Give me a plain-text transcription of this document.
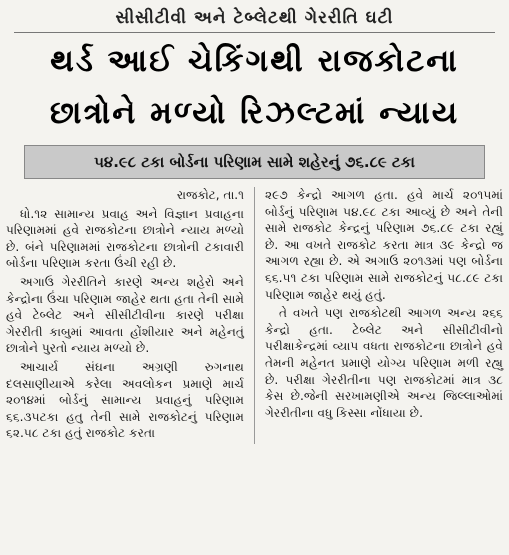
સીસીટીવી અને ટેબ્લેટથી ગેરરીતિ ઘટી
થર્ડ આઈ ચેકિંગથી રાજકોટના
છાત્રોને મળ્યો રિઝલ્ટમાં ન્યાય
૫૪.૯૮ ટકા બોર્ડના પરિણામ સામે શહેરનું ૭૬.૮૯ ટકા
રાજકોટ, તા.૧

ધો.૧૨ સામાન્ય પ્રવાહ અને વિજ્ઞાન પ્રવાહના પરિણામમાં હવે રાજકોટના છાત્રોને ન્યાય મળ્યો છે. બંને પરિણામમાં રાજકોટના છાત્રોની ટકાવારી બોર્ડના પરિણામ કરતા ઉંચી રહી છે.

અગાઉ ગેરરીતિને કારણે અન્ય શહેરો અને કેન્દ્રોના ઉંચા પરિણામ જાહેર થતા હતા તેની સામે હવે ટેબ્લેટ અને સીસીટીવીના કારણે પરીક્ષા ગેરરીતી કાબુમાં આવતા હોંશીયાર અને મહેનતું છાત્રોને પુરતો ન્યાય મળ્યો છે.

આચાર્ય સંઘના અગ્રણી રુગનાથ દલસાણીયાએ કરેલા અવલોકન પ્રમાણે માર્ચ ૨૦૧૪માં બોર્ડનું સામાન્ય પ્રવાહનું પરિણામ ૬૬.૩૫ટકા હતુ તેની સામે રાજકોટનું પરિણામ ૬૨.૫૮ ટકા હતું રાજકોટ કરતા

૨૯૭ કેન્દ્રો આગળ હતા. હવે માર્ચ ૨૦૧૫માં બોર્ડનું પરિણામ ૫૪.૯૮ ટકા આવ્યું છે અને તેની સામે રાજકોટ કેન્દ્રનું પરિણામ ૭૬.૮૯ ટકા રહ્યું છે. આ વખતે રાજકોટ કરતા માત્ર ૩૯ કેન્દ્રો જ આગળ રહ્યા છે. એ અગાઉ ૨૦૧૩માં પણ બોર્ડના ૬૬.૫૧ ટકા પરિણામ સામે રાજકોટનું ૫૮.૮૯ ટકા પરિણામ જાહેર થયું હતું.

તે વખતે પણ રાજકોટથી આગળ અન્ય ૨૬૬ કેન્દ્રો હતા. ટેબ્લેટ અને સીસીટીવીનો પરીક્ષાકેન્દ્રમાં વ્યાપ વધતા રાજકોટના છાત્રોને હવે તેમની મહેનત પ્રમાણે યોગ્ય પરિણામ મળી રહ્યુ છે. પરીક્ષા ગેરરીતીના પણ રાજકોટમાં માત્ર ૩૮ કેસ છે.જેની સરખામણીએ અન્ય જિલ્લાઓમાં ગેરરીતીના વધુ કિસ્સા નોંધાયા છે.
